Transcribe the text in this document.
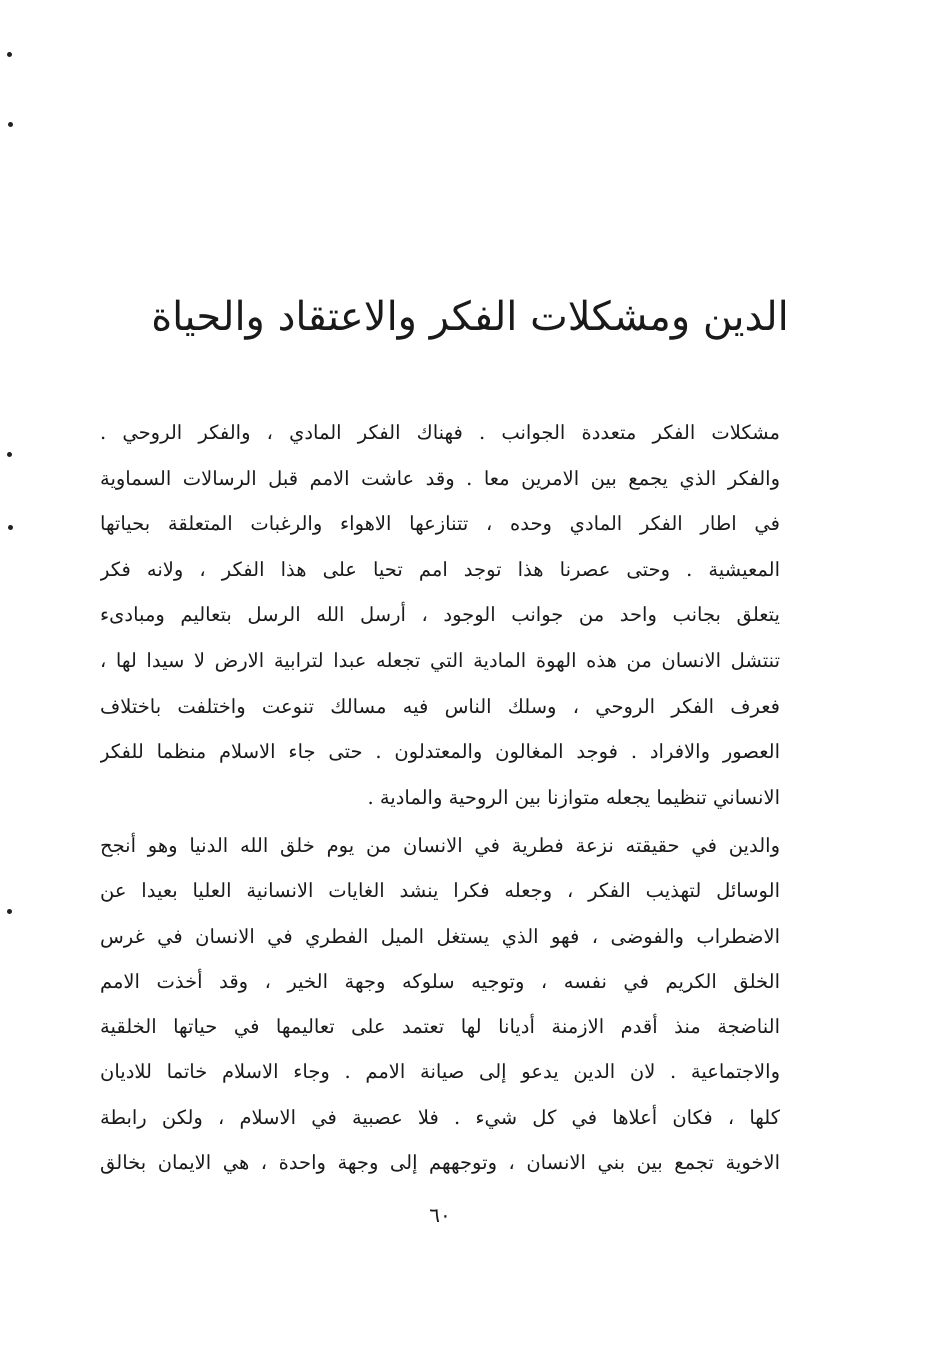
الدين ومشكلات الفكر والاعتقاد والحياة
مشكلات الفكر متعددة الجوانب . فهناك الفكر المادي ، والفكر الروحي .
والفكر الذي يجمع بين الامرين معا . وقد عاشت الامم قبل الرسالات السماوية
في اطار الفكر المادي وحده ، تتنازعها الاهواء والرغبات المتعلقة بحياتها
المعيشية . وحتى عصرنا هذا توجد امم تحيا على هذا الفكر ، ولانه فكر
يتعلق بجانب واحد من جوانب الوجود ، أرسل الله الرسل بتعاليم ومبادىء
تنتشل الانسان من هذه الهوة المادية التي تجعله عبدا لترابية الارض لا سيدا لها ،
فعرف الفكر الروحي ، وسلك الناس فيه مسالك تنوعت واختلفت باختلاف
العصور والافراد . فوجد المغالون والمعتدلون . حتى جاء الاسلام منظما للفكر
الانساني تنظيما يجعله متوازنا بين الروحية والمادية .
والدين في حقيقته نزعة فطرية في الانسان من يوم خلق الله الدنيا وهو أنجح
الوسائل لتهذيب الفكر ، وجعله فكرا ينشد الغايات الانسانية العليا بعيدا عن
الاضطراب والفوضى ، فهو الذي يستغل الميل الفطري في الانسان في غرس
الخلق الكريم في نفسه ، وتوجيه سلوكه وجهة الخير ، وقد أخذت الامم
الناضجة منذ أقدم الازمنة أديانا لها تعتمد على تعاليمها في حياتها الخلقية
والاجتماعية . لان الدين يدعو إلى صيانة الامم . وجاء الاسلام خاتما للاديان
كلها ، فكان أعلاها في كل شيء . فلا عصبية في الاسلام ، ولكن رابطة
الاخوية تجمع بين بني الانسان ، وتوجههم إلى وجهة واحدة ، هي الايمان بخالق
٦٠
